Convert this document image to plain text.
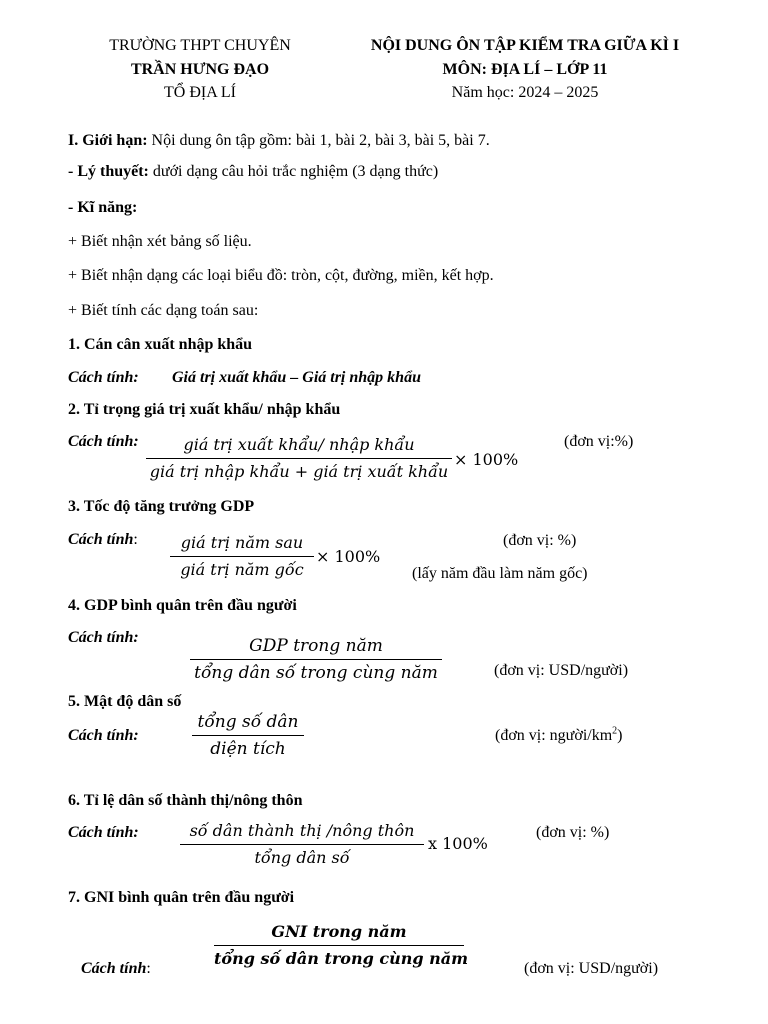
TRƯỜNG THPT CHUYÊN
TRẦN HƯNG ĐẠO
TỔ ĐỊA LÍ
NỘI DUNG ÔN TẬP KIỂM TRA GIỮA KÌ I
MÔN: ĐỊA LÍ – LỚP 11
Năm học: 2024 – 2025
I. Giới hạn: Nội dung ôn tập gồm: bài 1, bài 2, bài 3, bài 5, bài 7.
- Lý thuyết: dưới dạng câu hỏi trắc nghiệm (3 dạng thức)
- Kĩ năng:
+ Biết nhận xét bảng số liệu.
+ Biết nhận dạng các loại biểu đồ: tròn, cột, đường, miền, kết hợp.
+ Biết tính các dạng toán sau:
1. Cán cân xuất nhập khẩu
Cách tính: Giá trị xuất khẩu – Giá trị nhập khẩu
2. Tỉ trọng giá trị xuất khẩu/ nhập khẩu
Cách tính:	giá trị xuất khẩu/ nhập khẩu
giá trị nhập khẩu + giá trị xuất khẩu
× 100%
(đơn vị:%)
3. Tốc độ tăng trưởng GDP
Cách tính:	giá trị năm sau
giá trị năm gốc
× 100%
(đơn vị: %)
(lấy năm đầu làm năm gốc)
4. GDP bình quân trên đầu người
Cách tính:	GDP trong năm
tổng dân số trong cùng năm	(đơn vị: USD/người)
5. Mật độ dân số
Cách tính:
tổng số dân
diện tích
(đơn vị: người/$km^2$)
6. Tỉ lệ dân số thành thị/nông thôn
Cách tính:	số dân thành thị /nông thôn
tổng dân số
x 100%
(đơn vị: %)
7. GNI bình quân trên đầu người
GNI trong năm
tổng số dân trong cùng năm
Cách tính:	(đơn vị: USD/người)
